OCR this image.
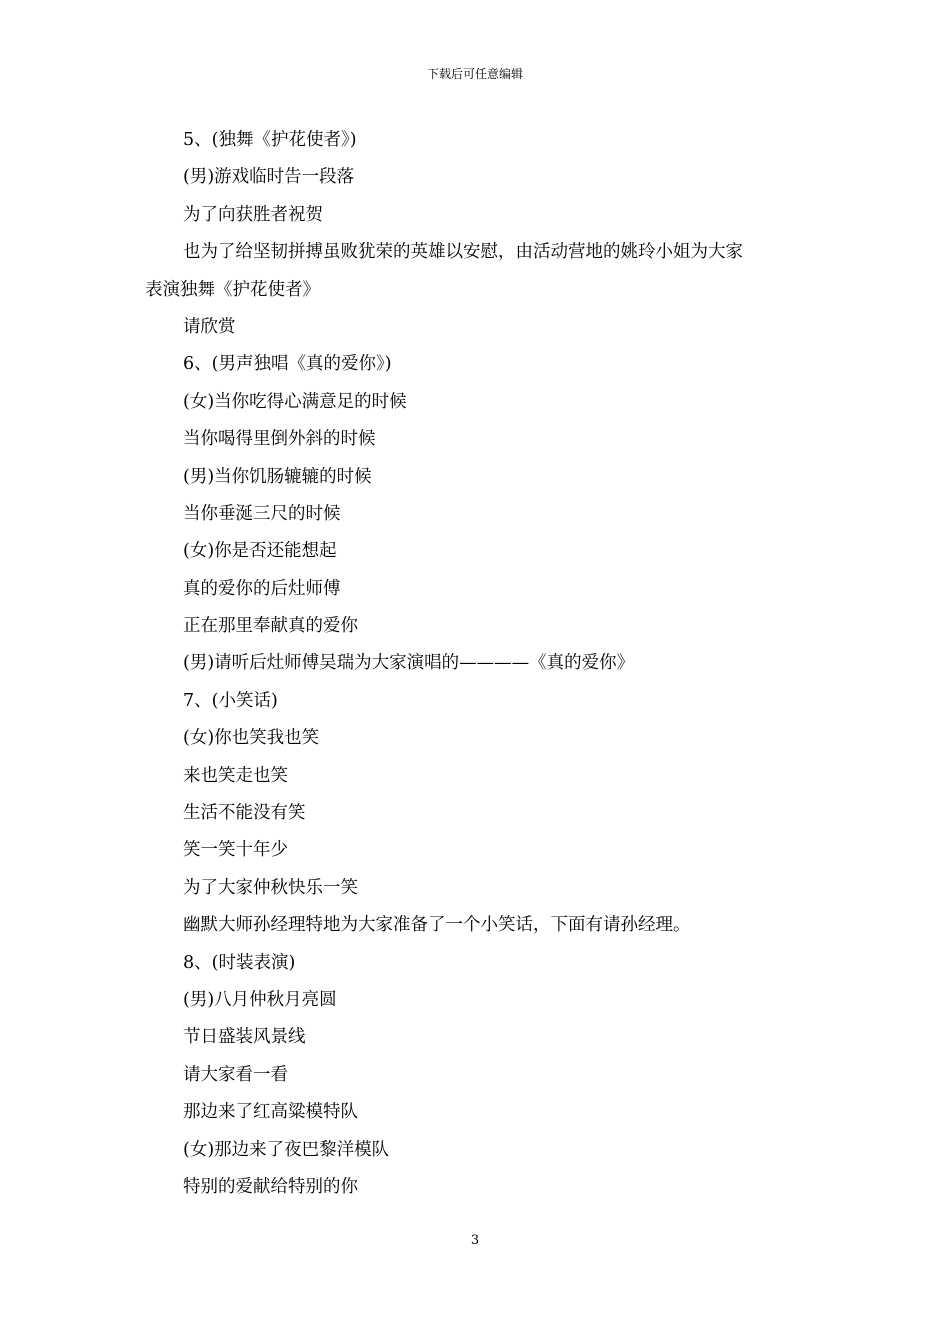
下载后可任意编辑
5、(独舞《护花使者》)
(男)游戏临时告一段落
为了向获胜者祝贺
也为了给坚韧拼搏虽败犹荣的英雄以安慰，由活动营地的姚玲小姐为大家
表演独舞《护花使者》
请欣赏
6、(男声独唱《真的爱你》)
(女)当你吃得心满意足的时候
当你喝得里倒外斜的时候
(男)当你饥肠辘辘的时候
当你垂涎三尺的时候
(女)你是否还能想起
真的爱你的后灶师傅
正在那里奉献真的爱你
(男)请听后灶师傅吴瑞为大家演唱的————《真的爱你》
7、(小笑话)
(女)你也笑我也笑
来也笑走也笑
生活不能没有笑
笑一笑十年少
为了大家仲秋快乐一笑
幽默大师孙经理特地为大家准备了一个小笑话，下面有请孙经理。
8、(时装表演)
(男)八月仲秋月亮圆
节日盛装风景线
请大家看一看
那边来了红高粱模特队
(女)那边来了夜巴黎洋模队
特别的爱献给特别的你
3
